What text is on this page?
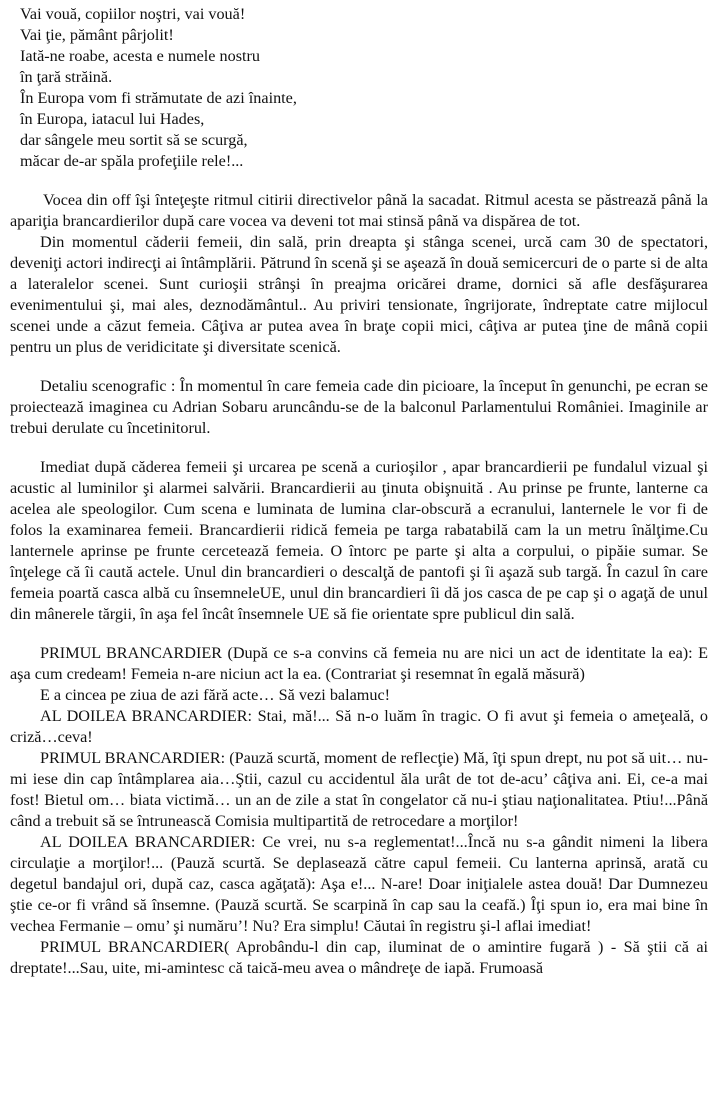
Vai vouă, copiilor noştri, vai vouă!
Vai ţie, pământ pârjolit!
Iată-ne roabe, acesta e numele nostru
în ţară străină.
În Europa vom fi strămutate de azi înainte,
în Europa, iatacul lui Hades,
dar sângele meu sortit să se scurgă,
măcar de-ar spăla profeţiile rele!...

Vocea din off îşi înteţeşte ritmul citirii directivelor până la sacadat. Ritmul acesta se păstrează până la apariţia brancardierilor după care vocea va deveni tot mai stinsă până va dispărea de tot.

Din momentul căderii femeii, din sală, prin dreapta şi stânga scenei, urcă cam 30 de spectatori, deveniţi actori indirecţi ai întâmplării. Pătrund în scenă şi se aşează în două semicercuri de o parte si de alta a lateralelor scenei. Sunt curioşii strânşi în preajma oricărei drame, dornici să afle desfăşurarea evenimentului şi, mai ales, deznodământul.. Au priviri tensionate, îngrijorate, îndreptate catre mijlocul scenei unde a căzut femeia. Câţiva ar putea avea în braţe copii mici, câţiva ar putea ţine de mână copii pentru un plus de veridicitate şi diversitate scenică.

Detaliu scenografic : În momentul în care femeia cade din picioare, la început în genunchi, pe ecran se proiectează imaginea cu Adrian Sobaru aruncându-se de la balconul Parlamentului României. Imaginile ar trebui derulate cu încetinitorul.

Imediat după căderea femeii şi urcarea pe scenă a curioşilor , apar brancardierii pe fundalul vizual şi acustic al luminilor şi alarmei salvării. Brancardierii au ţinuta obişnuită . Au prinse pe frunte, lanterne ca acelea ale speologilor. Cum scena e luminata de lumina clar-obscură a ecranului, lanternele le vor fi de folos la examinarea femeii. Brancardierii ridică femeia pe targa rabatabilă cam la un metru înălţime.Cu lanternele aprinse pe frunte cercetează femeia. O întorc pe parte şi alta a corpului, o pipăie sumar. Se înţelege că îi caută actele. Unul din brancardieri o descalţă de pantofi şi îi aşază sub targă. În cazul în care femeia poartă casca albă cu însemneleUE, unul din brancardieri îi dă jos casca de pe cap şi o agaţă de unul din mânerele tărgii, în aşa fel încât însemnele UE să fie orientate spre publicul din sală.

PRIMUL BRANCARDIER (După ce s-a convins că femeia nu are nici un act de identitate la ea): E aşa cum credeam! Femeia n-are niciun act la ea. (Contrariat şi resemnat în egală măsură)

E a cincea pe ziua de azi fără acte… Să vezi balamuc!

AL DOILEA BRANCARDIER: Stai, mă!... Să n-o luăm în tragic. O fi avut şi femeia o ameţeală, o criză…ceva!

PRIMUL BRANCARDIER: (Pauză scurtă, moment de reflecţie) Mă, îţi spun drept, nu pot să uit… nu-mi iese din cap întâmplarea aia…Ştii, cazul cu accidentul ăla urât de tot de-acu’ câţiva ani. Ei, ce-a mai fost! Bietul om… biata victimă… un an de zile a stat în congelator că nu-i ştiau naţionalitatea. Ptiu!...Până când a trebuit să se întrunească Comisia multipartită de retrocedare a morţilor!

AL DOILEA BRANCARDIER: Ce vrei, nu s-a reglementat!...Încă nu s-a gândit nimeni la libera circulaţie a morţilor!... (Pauză scurtă. Se deplasează către capul femeii. Cu lanterna aprinsă, arată cu degetul bandajul ori, după caz, casca agăţată): Aşa e!... N-are! Doar iniţialele astea două! Dar Dumnezeu ştie ce-or fi vrând să însemne. (Pauză scurtă. Se scarpină în cap sau la ceafă.) Îţi spun io, era mai bine în vechea Fermanie – omu’ şi număru’! Nu? Era simplu! Căutai în registru şi-l aflai imediat!

PRIMUL BRANCARDIER( Aprobându-l din cap, iluminat de o amintire fugară ) - Să ştii că ai dreptate!...Sau, uite, mi-amintesc că taică-meu avea o mândreţe de iapă. Frumoasă
